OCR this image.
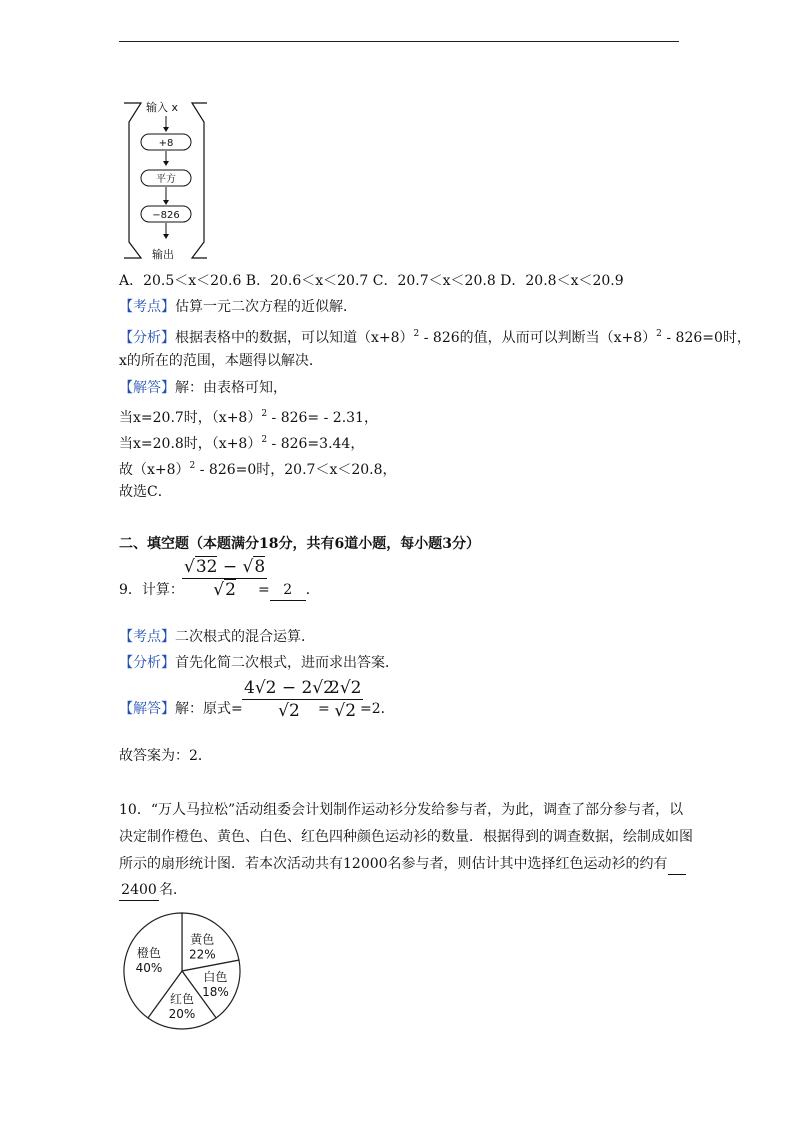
输入 x
+8
平方
−826
输出
A．20.5＜x＜20.6 B．20.6＜x＜20.7 C．20.7＜x＜20.8 D．20.8＜x＜20.9
【考点】估算一元二次方程的近似解．
【分析】根据表格中的数据，可以知道$(x+8)^2 - 826$的值，从而可以判断当$(x+8)^2 - 826=0$时，
x的所在的范围，本题得以解决．
【解答】解：由表格可知，
当x=20.7时，$(x+8)^2 - 826= - 2.31$，
当x=20.8时，$(x+8)^2 - 826=3.44$，
故$(x+8)^2 - 826=0$时，20.7＜x＜20.8，
故选C．
二、填空题（本题满分18分，共有6道小题，每小题3分）
9．计算：
$\frac{√32 - √8}{√2}$
= 2 ．
【考点】二次根式的混合运算．
【分析】首先化简二次根式，进而求出答案．
【解答】解：原式= $\frac{4√2 - 2√2}{√2}$
=
$\frac{2√2}{√2}$
=2．
故答案为：2．
10．“万人马拉松”活动组委会计划制作运动衫分发给参与者，为此，调查了部分参与者，以
决定制作橙色、黄色、白色、红色四种颜色运动衫的数量．根据得到的调查数据，绘制成如图
所示的扇形统计图．若本次活动共有12000名参与者，则估计其中选择红色运动衫的约有
2400 名．
黄色
22%
白色
18%
红色
20%
橙色
40%
